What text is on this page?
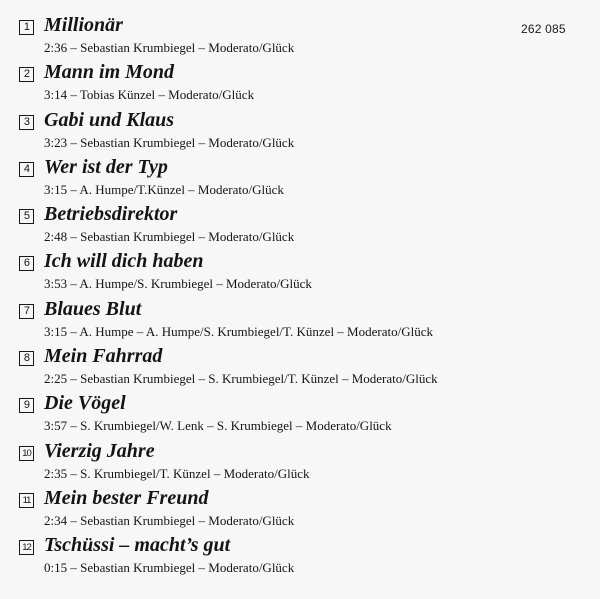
262 085
1 Millionär
2:36 – Sebastian Krumbiegel – Moderato/Glück
2 Mann im Mond
3:14 – Tobias Künzel – Moderato/Glück
3 Gabi und Klaus
3:23 – Sebastian Krumbiegel – Moderato/Glück
4 Wer ist der Typ
3:15 – A. Humpe/T.Künzel – Moderato/Glück
5 Betriebsdirektor
2:48 – Sebastian Krumbiegel – Moderato/Glück
6 Ich will dich haben
3:53 – A. Humpe/S. Krumbiegel – Moderato/Glück
7 Blaues Blut
3:15 – A. Humpe – A. Humpe/S. Krumbiegel/T. Künzel – Moderato/Glück
8 Mein Fahrrad
2:25 – Sebastian Krumbiegel – S. Krumbiegel/T. Künzel – Moderato/Glück
9 Die Vögel
3:57 – S. Krumbiegel/W. Lenk – S. Krumbiegel – Moderato/Glück
10 Vierzig Jahre
2:35 – S. Krumbiegel/T. Künzel – Moderato/Glück
11 Mein bester Freund
2:34 – Sebastian Krumbiegel – Moderato/Glück
12 Tschüssi – macht’s gut
0:15 – Sebastian Krumbiegel – Moderato/Glück
